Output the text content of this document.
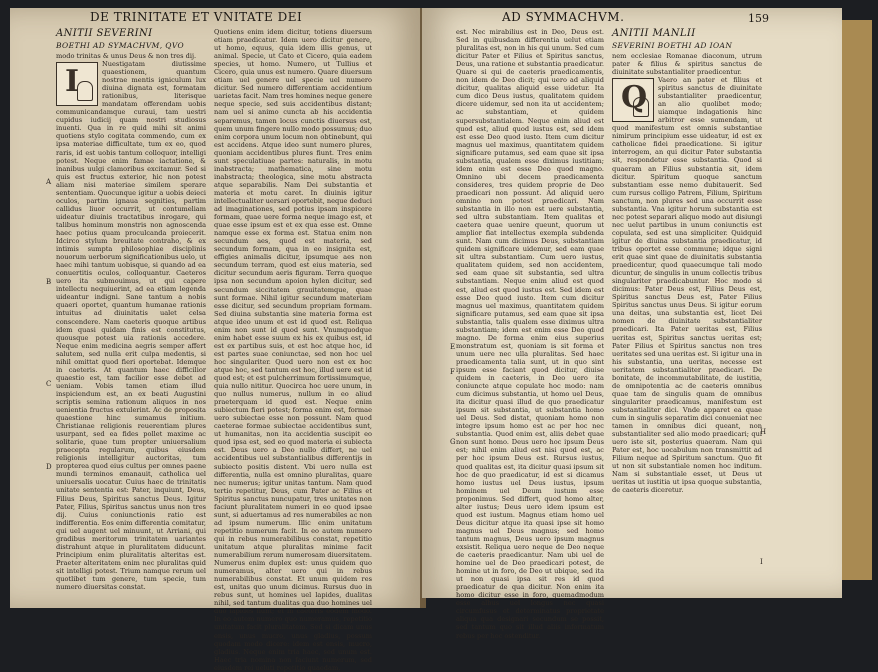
DE TRINITATE ET VNITATE DEI
A
B
C
D

ANITII SEVERINI

BOETHI AD SYMACHVM, QVO

modo trinitas & unus Deus & non tres dij.

I	Nuestigatam diutissime quaestionem, quantum nostrae mentis igniculum lux diuina dignata est, formatam rationibus, literisque mandatam offerendam uobis communicandamque curaui, tam uestri cupidus iudicij quam nostri studiosus inuenti. Qua in re quid mihi sit animi quotiens stylo cogitata commendo, cum ex ipsa materiae difficultate, tum ex eo, quod raris, id est uobis tantum colloquor, intelligi potest. Neque enim famae iactatione, & inanibus uulgi clamoribus excitamur. Sed si quis est fructus exterior, hic non potest aliam nisi materiae similem sperare sententiam. Quocunque igitur a uobis deieci oculos, partim ignaua segnities, partim callidus liuor occurrit, ut contumeliam uideatur diuinis tractatibus inrogare, qui talibus hominum monstris non agnoscenda haec potius quam proculcanda proiecerit. Idcirco stylum breuitate contraho, & ex intimis sumpta philosophiae disciplinis nouorum uerborum significationibus uelo, ut haec mihi tantum uobisque, si quando ad ea conuertitis oculos, colloquantur. Caeteros uero ita submouimus, ut qui capere intellectu nequiuerint, ad ea etiam legenda uideantur indigni. Sane tantum a nobis quaeri oportet, quantum humanae rationis intuitus ad diuinitatis ualet celsa conscendere. Nam caeteris quoque artibus idem quasi quidam finis est constitutus, quousque potest uia rationis accedere. Neque enim medicina aegris semper affert salutem, sed nulla erit culpa medentis, si nihil omittat quod fieri oportebat. Idemque in caeteris. At quantum haec difficilior quaestio est, tam facilior esse debet ad ueniam. Vobis tamen etiam illud inspiciendum est, an ex beati Augustini scriptis semina rationum aliquos in nos uenientia fructus extulerint. Ac de proposita quaestione hinc sumamus initium. Christianae religionis reuerentiam plures usurpant, sed ea fides pollet maxime ac solitarie, quae tum propter uniuersalium praecepta regularum, quibus eiusdem religionis intelligitur auctoritas, tum propterea quod eius cultus per omnes paene mundi terminos emanauit, catholica uel uniuersalis uocatur. Cuius haec de trinitatis unitate sententia est: Pater, inquiunt, Deus, Filius Deus, Spiritus sanctus Deus. Igitur Pater, Filius, Spiritus sanctus unus non tres dij. Cuius coniunctionis ratio est indifferentia. Eos enim differentia comitatur, qui uel augent uel minuunt, ut Arriani, qui gradibus meritorum trinitatem uariantes distrahunt atque in pluralitatem diducunt. Principium enim pluralitatis alteritas est. Praeter alteritatem enim nec pluralitas quid sit intelligi potest. Trium namque rerum uel quotlibet tum genere, tum specie, tum numero diuersitas constat.

Quotiens enim idem dicitur, totiens diuersum etiam praedicatur. Idem uero dicitur genere, ut homo, equus, quia idem illis genus, ut animal. Specie, ut Cato et Cicero, quia eadem species, ut homo. Numero, ut Tullius et Cicero, quia unus est numero. Quare diuersum etiam uel genere uel specie uel numero dicitur. Sed numero differentiam accidentium uarietas facit. Nam tres homines neque genere neque specie, sed suis accidentibus distant; nam uel si animo cuncta ab his accidentia separemus, tamen locus cunctis diuersus est, quem unum fingere nullo modo possumus; duo enim corpora unum locum non obtinebunt, qui est accidens. Atque ideo sunt numero plures, quoniam accidentibus plures fiunt. Tres enim sunt speculatiuae partes: naturalis, in motu inabstracta; mathematica, sine motu inabstracta; theologica, sine motu abstracta atque separabilis. Nam Dei substantia et materia et motu caret. In diuinis igitur intellectualiter uersari oportebit, neque deduci ad imaginationes, sed potius ipsam inspicere formam, quae uere forma neque imago est, et quae esse ipsum est et ex qua esse est. Omne namque esse ex forma est. Statua enim non secundum aes, quod est materia, sed secundum formam, qua in eo insignita est, effigies animalis dicitur, ipsumque aes non secundum terram, quod est eius materia, sed dicitur secundum aeris figuram. Terra quoque ipsa non secundum apoion hylen dicitur, sed secundum siccitatem grauitatemque, quae sunt formae. Nihil igitur secundum materiam esse dicitur, sed secundum propriam formam. Sed diuina substantia sine materia forma est atque ideo unum et est id quod est. Reliqua enim non sunt id quod sunt. Vnumquodque enim habet esse suum ex his ex quibus est, id est ex partibus suis, et est hoc atque hoc, id est partes suae coniunctae, sed non hoc uel hoc singulariter. Quod uero non est ex hoc atque hoc, sed tantum est hoc, illud uere est id quod est; et est pulcherrimum fortissimumque, quia nullo nititur. Quocirca hoc uere unum, in quo nullus numerus, nullum in eo aliud praeterquam id quod est. Neque enim subiectum fieri potest; forma enim est, formae uero subiectae esse non possunt. Nam quod caeterae formae subiectae accidentibus sunt, ut humanitas, non ita accidentia suscipit eo quod ipsa est, sed eo quod materia ei subiecta est. Deus uero a Deo nullo differt, ne uel accidentibus uel substantialibus differentijs in subiecto positis distent. Vbi uero nulla est differentia, nulla est omnino pluralitas, quare nec numerus; igitur unitas tantum. Nam quod tertio repetitur, Deus, cum Pater ac Filius et Spiritus sanctus nuncupatur, tres unitates non faciunt pluralitatem numeri in eo quod ipsae sunt, si aduertamus ad res numerabiles ac non ad ipsum numerum. Illic enim unitatum repetitio numerum facit. In eo autem numero qui in rebus numerabilibus constat, repetitio unitatum atque pluralitas minime facit numerabilium rerum numerosam diuersitatem. Numerus enim duplex est: unus quidem quo numeramus, alter uero qui in rebus numerabilibus constat. Et unum quidem res est, unitas quo unum dicimus. Rursus duo in rebus sunt, ut homines uel lapides, dualitas nihil, sed tantum dualitas qua duo homines uel duo lapides fiunt; et in caeteris eodem modo. In eo autem numero quo numeramus, repetitio unitatum facit pluralitatem. Sed si dicam unus ensis, unus mucro, unus gladius, possum quodam modo dicere: idem est ensis, mucro, gladius. Neque enim tria haec, sed unum est. Haec tria nomina non faciunt numerum, sed eiusdem rei ueluti repetitio quaedam.

AD SYMMACHVM.	159
E
F
G
H
I

est. Nec mirabilius est in Deo, Deus est. Sed in quibusdam differentia uelut etiam pluralitas est, non in his qui unum. Sed cum dicitur Pater et Filius et Spiritus sanctus, Deus, una ratione et substantia praedicatur. Quare si qui de caeteris praedicamentis, non idem de Deo dicit; qui uero ad aliquid dicitur, qualitas aliquid esse uidetur. Ita cum dico Deus iustus, qualitatem quidem dicere uidemur, sed non ita ut accidentem; ac substantiam, et quidem supersubstantialem. Neque enim aliud est quod est, aliud quod iustus est, sed idem est esse Deo quod iusto. Item cum dicitur magnus uel maximus, quantitatem quidem significare putamus, sed eam quae sit ipsa substantia, qualem esse diximus iustitiam; idem enim est esse Deo quod magno. Omnino ubi decem praedicamenta consideres, tres quidem proprie de Deo praedicari non possunt. Ad aliquid uero omnino non potest praedicari. Nam substantia in illo non est uere substantia, sed ultra substantiam. Item qualitas et caetera quae uenire queunt, quorum ut amplior fiat intellectus exempla subdenda sunt. Nam cum dicimus Deus, substantiam quidem significare uidemur, sed eam quae sit ultra substantiam. Cum uero iustus, qualitatem quidem, sed non accidentem, sed eam quae sit substantia, sed ultra substantiam. Neque enim aliud est quod est, aliud est quod iustus est. Sed idem est esse Deo quod iusto. Item cum dicitur magnus uel maximus, quantitatem quidem significare putamus, sed eam quae sit ipsa substantia, talis qualem esse diximus ultra substantiam; idem est enim esse Deo quod magno. De forma enim eius superius monstratum est, quoniam is sit forma et unum uere nec ulla pluralitas. Sed haec praedicamenta talia sunt, ut in quo sint ipsum esse faciant quod dicitur, diuise quidem in caeteris, in Deo uero ita coniuncte atque copulate hoc modo: nam cum dicimus substantia, ut homo uel Deus, ita dicitur quasi illud de quo praedicatur ipsum sit substantia, ut substantia homo uel Deus. Sed distat, quoniam homo non integre ipsum homo est ac per hoc nec substantia. Quod enim est, aliis debet quae non sunt homo. Deus uero hoc ipsum Deus est; nihil enim aliud est nisi quod est, ac per hoc ipsum Deus est. Rursus iustus, quod qualitas est, ita dicitur quasi ipsum sit hoc de quo praedicatur, id est si dicamus homo iustus uel Deus iustus, ipsum hominem uel Deum iustum esse proponimus. Sed differt, quod homo alter, alter iustus; Deus uero idem ipsum est quod est iustum. Magnus etiam homo uel Deus dicitur atque ita quasi ipse sit homo magnus uel Deus magnus; sed homo tantum magnus, Deus uero ipsum magnus exsistit. Reliqua uero neque de Deo neque de caeteris praedicantur. Nam ubi uel de homine uel de Deo praedicari potest, de homine ut in foro, de Deo ut ubique, sed ita ut non quasi ipsa sit res id quod praedicatur de qua dicitur. Non enim ita homo dicitur esse in foro, quemadmodum esse albus uel longus nec quasi circumfusus et determinatus proprietate aliqua qua designari secundum se possit, sed tantum quo sit illud aliis informatum rebus per hoc ostenditur.

ANITII MANLII

SEVERINI BOETHI AD IOAN

nem ecclesiae Romanae diaconum, utrum pater & filius & spiritus sanctus de diuinitate substantialiter praedicentur.

Q	Vaero an pater et filius et spiritus sanctus de diuinitate substantialiter praedicentur, an alio quolibet modo; uiamque indagationis hinc arbitror esse sumendam, ut quod manifestum est omnis substantiae nimirum principium esse uideatur, id est ex catholicae fidei praedicatione. Si igitur interrogem, an qui dicitur Pater substantia sit, respondetur esse substantia. Quod si quaeram an Filius substantia sit, idem dicitur. Spiritum quoque sanctum substantiam esse nemo dubitauerit. Sed cum rursus colligo Patrem, Filium, Spiritum sanctum, non plures sed una occurrit esse substantia. Vna igitur horum substantia est nec potest separari aliquo modo aut disiungi nec uelut partibus in unum coniunctis est copulata, sed est una simpliciter. Quidquid igitur de diuina substantia praedicatur, id tribus oportet esse commune; idque signi erit quae sint quae de diuinitatis substantia praedicentur, quod quaecumque tali modo dicuntur, de singulis in unum collectis tribus singulariter praedicabuntur. Hoc modo si dicimus: Pater Deus est, Filius Deus est, Spiritus sanctus Deus est, Pater Filius Spiritus sanctus unus Deus. Si igitur eorum una deitas, una substantia est, licet Dei nomen de diuinitate substantialiter praedicari. Ita Pater ueritas est, Filius ueritas est, Spiritus sanctus ueritas est; Pater Filius et Spiritus sanctus non tres ueritates sed una ueritas est. Si igitur una in his substantia, una ueritas, necesse est ueritatem substantialiter praedicari. De bonitate, de incommutabilitate, de iustitia, de omnipotentia ac de caeteris omnibus quae tam de singulis quam de omnibus singulariter praedicamus, manifestum est substantialiter dici. Vnde apparet ea quae cum in singulis separatim dici conueniat nec tamen in omnibus dici queant, non substantialiter sed alio modo praedicari; qui uero iste sit, posterius quaeram. Nam qui Pater est, hoc uocabulum non transmittit ad Filium neque ad Spiritum sanctum. Quo fit ut non sit substantiale nomen hoc inditum. Nam si substantiale esset, ut Deus ut ueritas ut iustitia ut ipsa quoque substantia, de caeteris diceretur.
